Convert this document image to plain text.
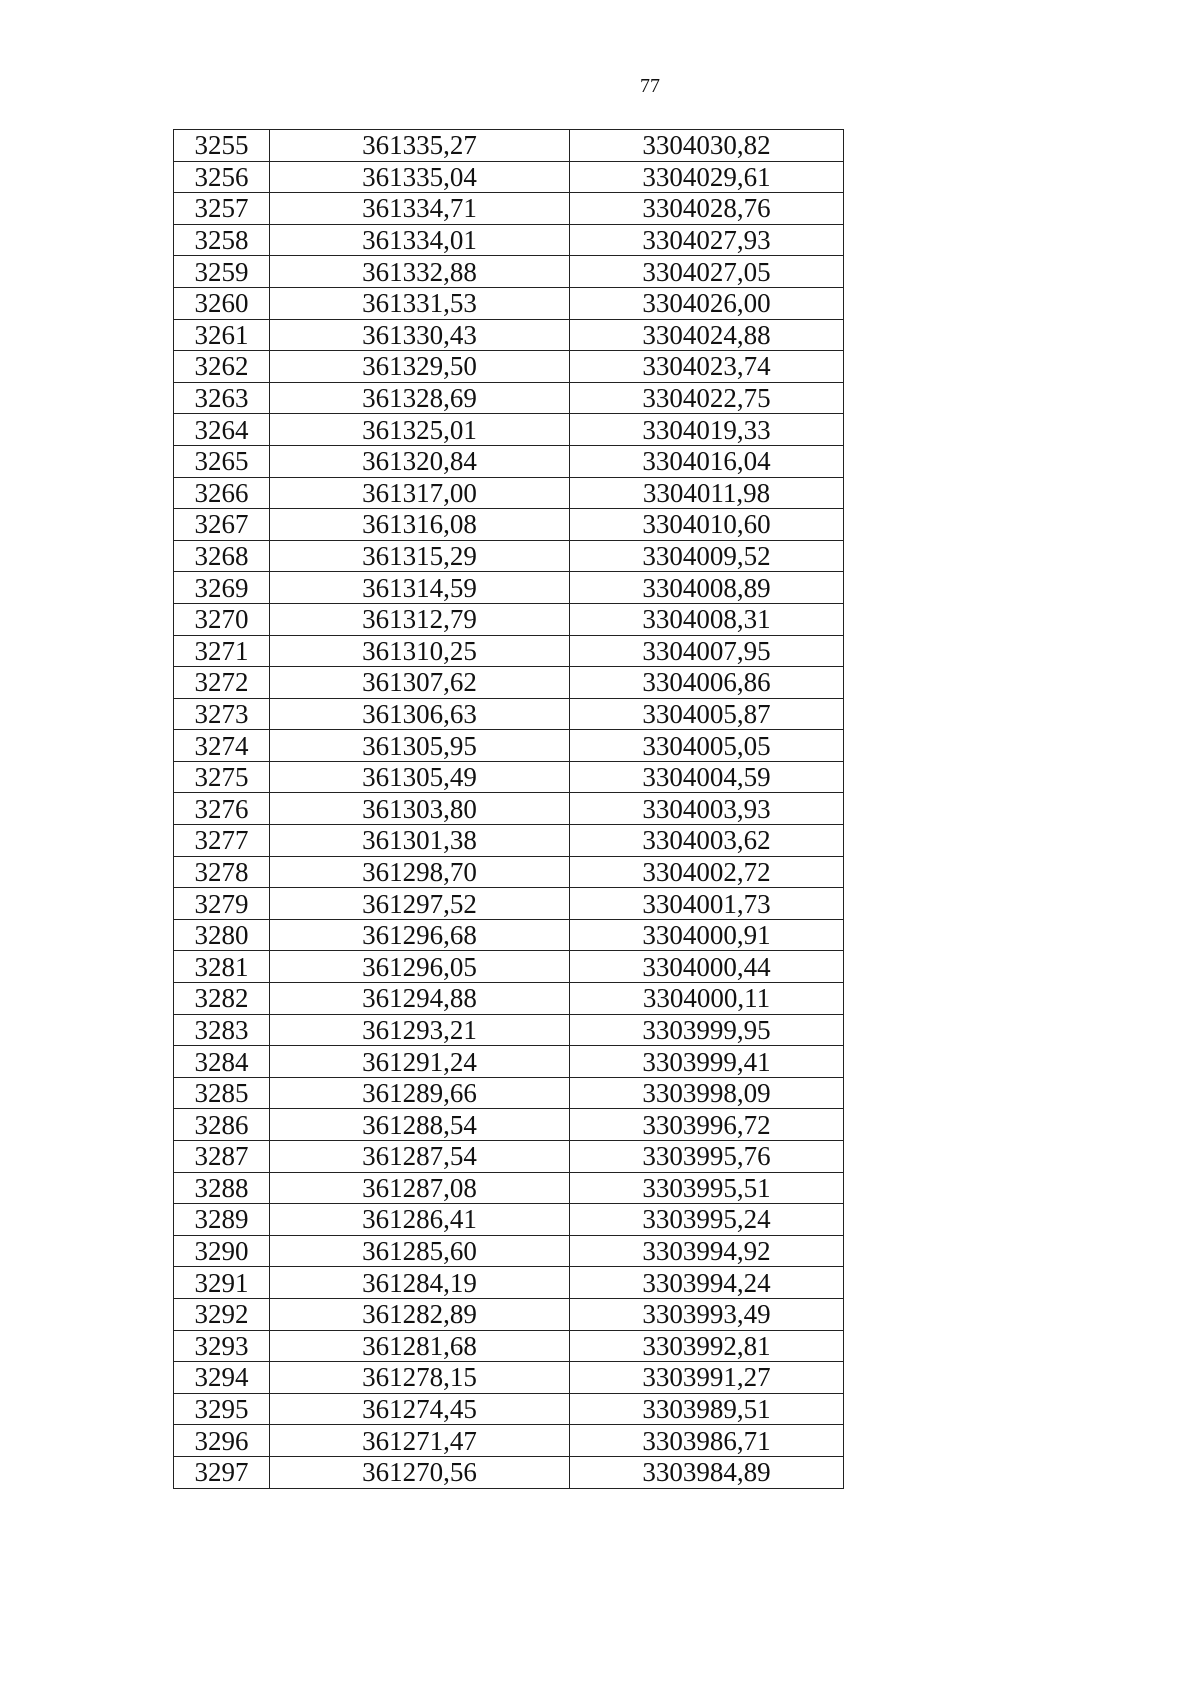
77
3255	361335,27	3304030,82
3256	361335,04	3304029,61
3257	361334,71	3304028,76
3258	361334,01	3304027,93
3259	361332,88	3304027,05
3260	361331,53	3304026,00
3261	361330,43	3304024,88
3262	361329,50	3304023,74
3263	361328,69	3304022,75
3264	361325,01	3304019,33
3265	361320,84	3304016,04
3266	361317,00	3304011,98
3267	361316,08	3304010,60
3268	361315,29	3304009,52
3269	361314,59	3304008,89
3270	361312,79	3304008,31
3271	361310,25	3304007,95
3272	361307,62	3304006,86
3273	361306,63	3304005,87
3274	361305,95	3304005,05
3275	361305,49	3304004,59
3276	361303,80	3304003,93
3277	361301,38	3304003,62
3278	361298,70	3304002,72
3279	361297,52	3304001,73
3280	361296,68	3304000,91
3281	361296,05	3304000,44
3282	361294,88	3304000,11
3283	361293,21	3303999,95
3284	361291,24	3303999,41
3285	361289,66	3303998,09
3286	361288,54	3303996,72
3287	361287,54	3303995,76
3288	361287,08	3303995,51
3289	361286,41	3303995,24
3290	361285,60	3303994,92
3291	361284,19	3303994,24
3292	361282,89	3303993,49
3293	361281,68	3303992,81
3294	361278,15	3303991,27
3295	361274,45	3303989,51
3296	361271,47	3303986,71
3297	361270,56	3303984,89
